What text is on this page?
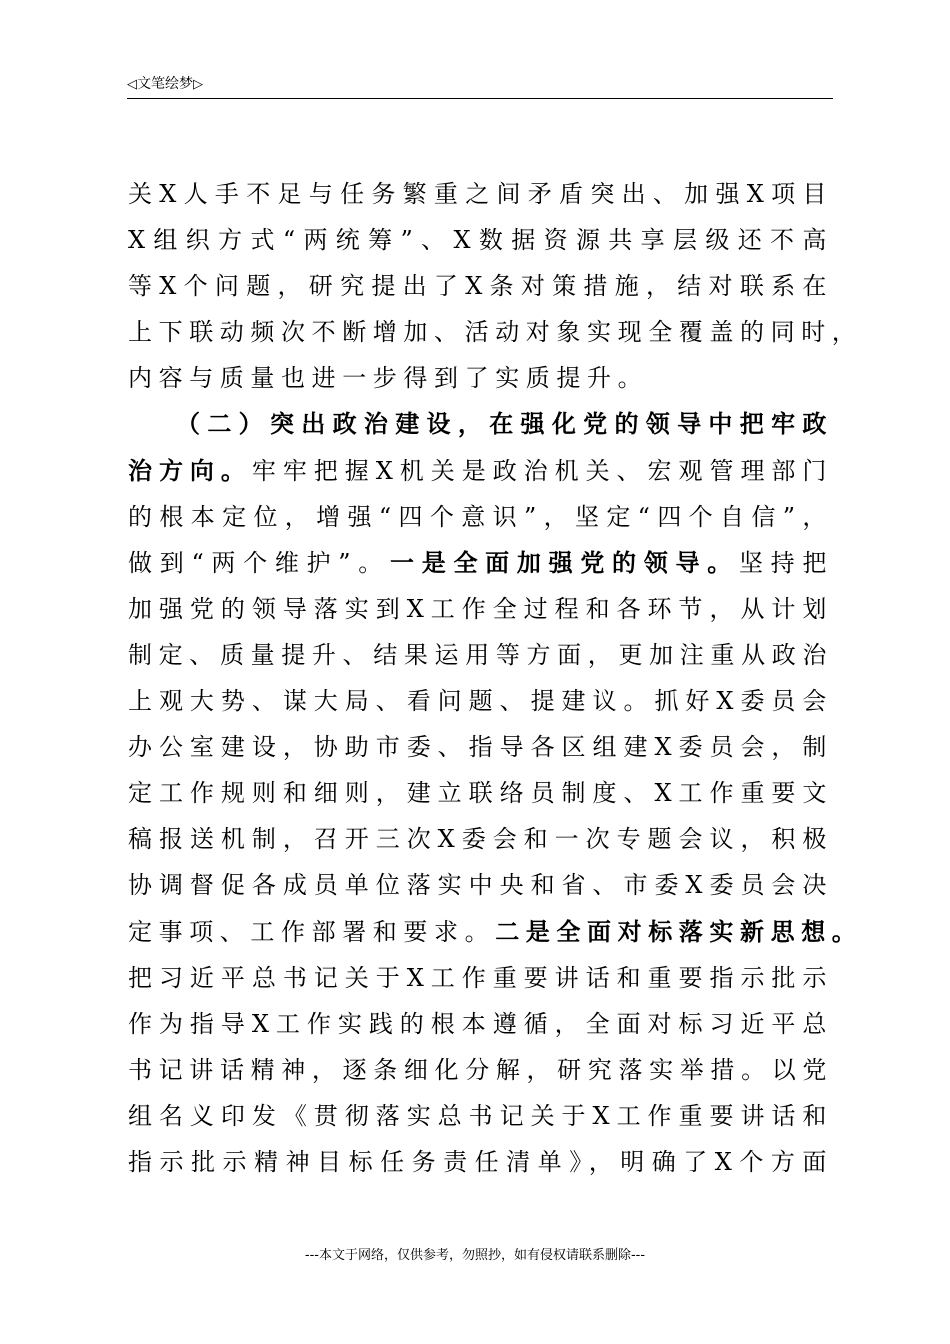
◁文笔绘梦▷
关X人手不足与任务繁重之间矛盾突出、加强X项目
X组织方式“两统筹”、X数据资源共享层级还不高
等X个问题，研究提出了X条对策措施，结对联系在
上下联动频次不断增加、活动对象实现全覆盖的同时，
内容与质量也进一步得到了实质提升。
（二）突出政治建设，在强化党的领导中把牢政
治方向。牢牢把握X机关是政治机关、宏观管理部门
的根本定位，增强“四个意识”，坚定“四个自信”，
做到“两个维护”。一是全面加强党的领导。坚持把
加强党的领导落实到X工作全过程和各环节，从计划
制定、质量提升、结果运用等方面，更加注重从政治
上观大势、谋大局、看问题、提建议。抓好X委员会
办公室建设，协助市委、指导各区组建X委员会，制
定工作规则和细则，建立联络员制度、X工作重要文
稿报送机制，召开三次X委会和一次专题会议，积极
协调督促各成员单位落实中央和省、市委X委员会决
定事项、工作部署和要求。二是全面对标落实新思想。
把习近平总书记关于X工作重要讲话和重要指示批示
作为指导X工作实践的根本遵循，全面对标习近平总
书记讲话精神，逐条细化分解，研究落实举措。以党
组名义印发《贯彻落实总书记关于X工作重要讲话和
指示批示精神目标任务责任清单》，明确了X个方面
---本文于网络，仅供参考，勿照抄，如有侵权请联系删除---
